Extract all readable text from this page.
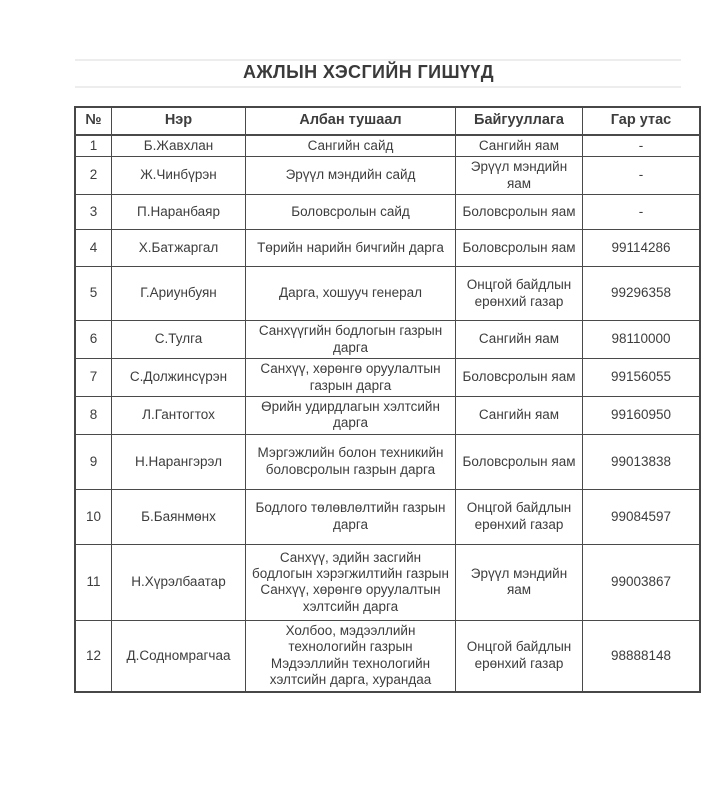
АЖЛЫН ХЭСГИЙН ГИШҮҮД
№	Нэр	Албан тушаал	Байгууллага	Гар утас
1	Б.Жавхлан	Сангийн сайд	Сангийн яам	-
2	Ж.Чинбүрэн	Эрүүл мэндийн сайд	Эрүүл мэндийн яам	-
3	П.Наранбаяр	Боловсролын сайд	Боловсролын яам	-
4	Х.Батжаргал	Төрийн нарийн бичгийн дарга	Боловсролын яам	99114286
5	Г.Ариунбуян	Дарга, хошууч генерал	Онцгой байдлын ерөнхий газар	99296358
6	С.Тулга	Санхүүгийн бодлогын газрын дарга	Сангийн яам	98110000
7	С.Должинсүрэн	Санхүү, хөрөнгө оруулалтын газрын дарга	Боловсролын яам	99156055
8	Л.Гантогтох	Өрийн удирдлагын хэлтсийн дарга	Сангийн яам	99160950
9	Н.Нарангэрэл	Мэргэжлийн болон техникийн боловсролын газрын дарга	Боловсролын яам	99013838
10	Б.Баянмөнх	Бодлого төлөвлөлтийн газрын дарга	Онцгой байдлын ерөнхий газар	99084597
11	Н.Хүрэлбаатар	Санхүү, эдийн засгийн бодлогын хэрэгжилтийн газрын Санхүү, хөрөнгө оруулалтын хэлтсийн дарга	Эрүүл мэндийн яам	99003867
12	Д.Содномрагчаа	Холбоо, мэдээллийн технологийн газрын Мэдээллийн технологийн хэлтсийн дарга, хурандаа	Онцгой байдлын ерөнхий газар	98888148
